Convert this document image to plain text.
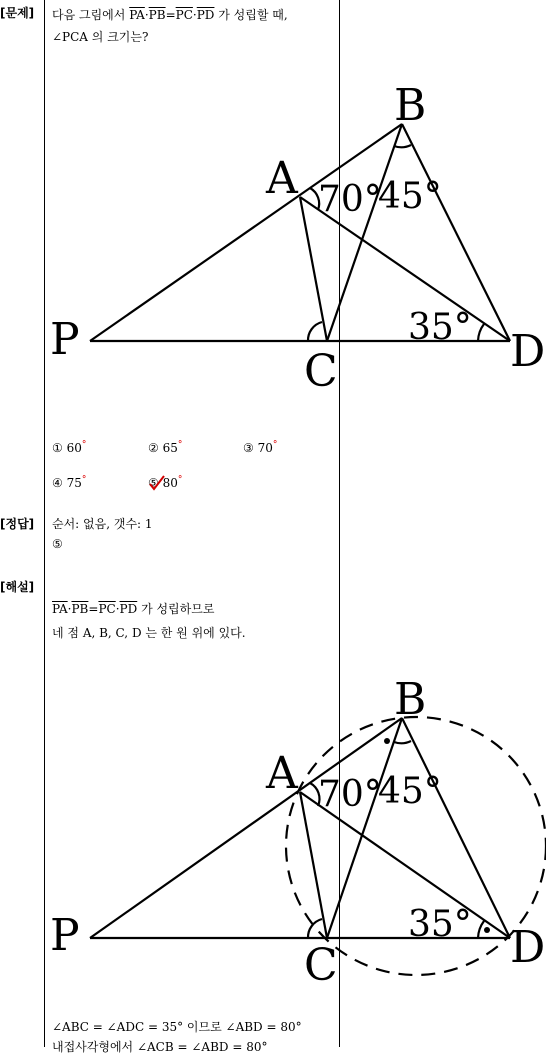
[문제] 다음 그림에서 $\overline{PA}\cdot\overline{PB}=\overline{PC}\cdot\overline{PD}$ 가 성립할 때,
∠PCA 의 크기는?
P
A
B
C	D
70°
45°
35°
① 60°	② 65°	③ 70°
④ 75°	⑤ 80°
[정답] 순서: 없음, 갯수: 1
⑤
[해설]
$\overline{PA}\cdot\overline{PB}=\overline{PC}\cdot\overline{PD}$ 가 성립하므로
네 점 A, B, C, D 는 한 원 위에 있다.
P
A
B
C	D
70°
45°
35°
∠ABC = ∠ADC = 35° 이므로 ∠ABD = 80°
내접사각형에서 ∠ACB = ∠ABD = 80°
